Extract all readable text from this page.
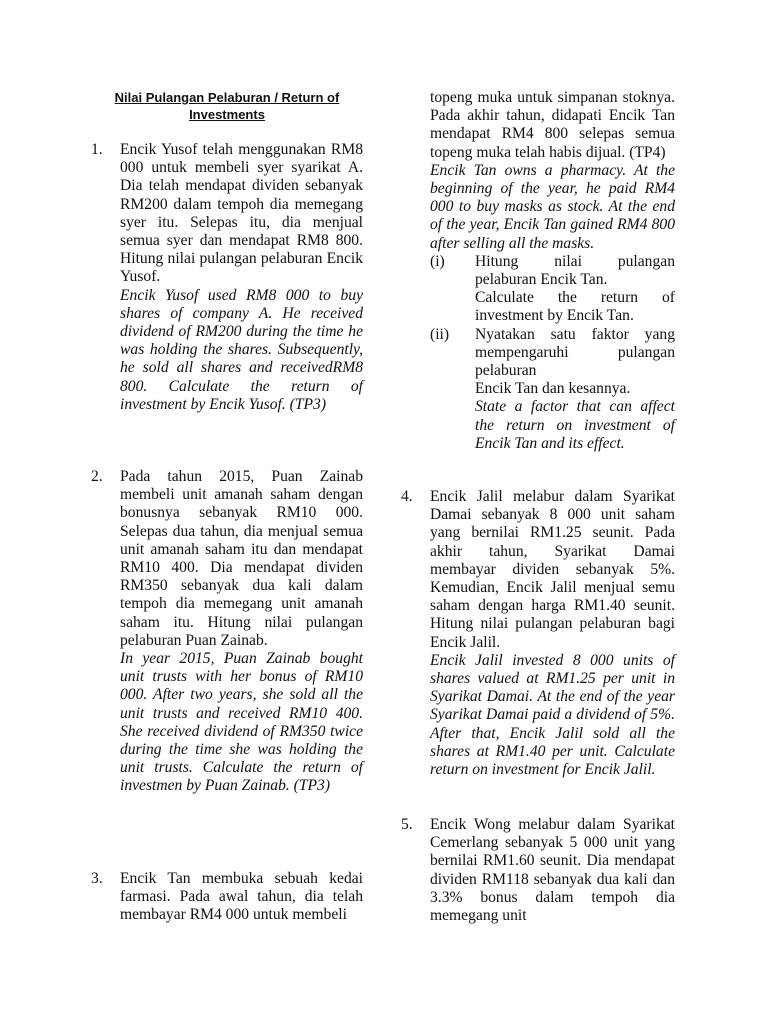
Nilai Pulangan Pelaburan / Return of
Investments
1.	Encik Yusof telah menggunakan RM8 000 untuk membeli syer syarikat A. Dia telah mendapat dividen sebanyak RM200 dalam tempoh dia memegang syer itu. Selepas itu, dia menjual semua syer dan mendapat RM8 800. Hitung nilai pulangan pelaburan Encik Yusof.

Encik Yusof used RM8 000 to buy shares of company A. He received dividend of RM200 during the time he was holding the shares. Subsequently, he sold all shares and receivedRM8 800. Calculate the return of investment by Encik Yusof. (TP3)

2.	Pada tahun 2015, Puan Zainab membeli unit amanah saham dengan bonusnya sebanyak RM10 000. Selepas dua tahun, dia menjual semua unit amanah saham itu dan mendapat RM10 400. Dia mendapat dividen RM350 sebanyak dua kali dalam tempoh dia memegang unit amanah saham itu. Hitung nilai pulangan pelaburan Puan Zainab.

In year 2015, Puan Zainab bought unit trusts with her bonus of RM10 000. After two years, she sold all the unit trusts and received RM10 400. She received dividend of RM350 twice during the time she was holding the unit trusts. Calculate the return of investmen by Puan Zainab. (TP3)

3.	Encik Tan membuka sebuah kedai farmasi. Pada awal tahun, dia telah membayar RM4 000 untuk membeli

topeng muka untuk simpanan stoknya. Pada akhir tahun, didapati Encik Tan mendapat RM4 800 selepas semua topeng muka telah habis dijual. (TP4)

Encik Tan owns a pharmacy. At the beginning of the year, he paid RM4 000 to buy masks as stock. At the end of the year, Encik Tan gained RM4 800 after selling all the masks.

(i)	Hitung nilai pulangan pelaburan Encik Tan.

Calculate the return of investment by Encik Tan.

(ii)	Nyatakan satu faktor yang mempengaruhi pulangan pelaburan

Encik Tan dan kesannya.

State a factor that can affect the return on investment of Encik Tan and its effect.

4.	Encik Jalil melabur dalam Syarikat Damai sebanyak 8 000 unit saham yang bernilai RM1.25 seunit. Pada akhir tahun, Syarikat Damai membayar dividen sebanyak 5%. Kemudian, Encik Jalil menjual semu saham dengan harga RM1.40 seunit. Hitung nilai pulangan pelaburan bagi Encik Jalil.

Encik Jalil invested 8 000 units of shares valued at RM1.25 per unit in Syarikat Damai. At the end of the year Syarikat Damai paid a dividend of 5%. After that, Encik Jalil sold all the shares at RM1.40 per unit. Calculate return on investment for Encik Jalil.

5.	Encik Wong melabur dalam Syarikat Cemerlang sebanyak 5 000 unit yang bernilai RM1.60 seunit. Dia mendapat dividen RM118 sebanyak dua kali dan 3.3% bonus dalam tempoh dia memegang unit
